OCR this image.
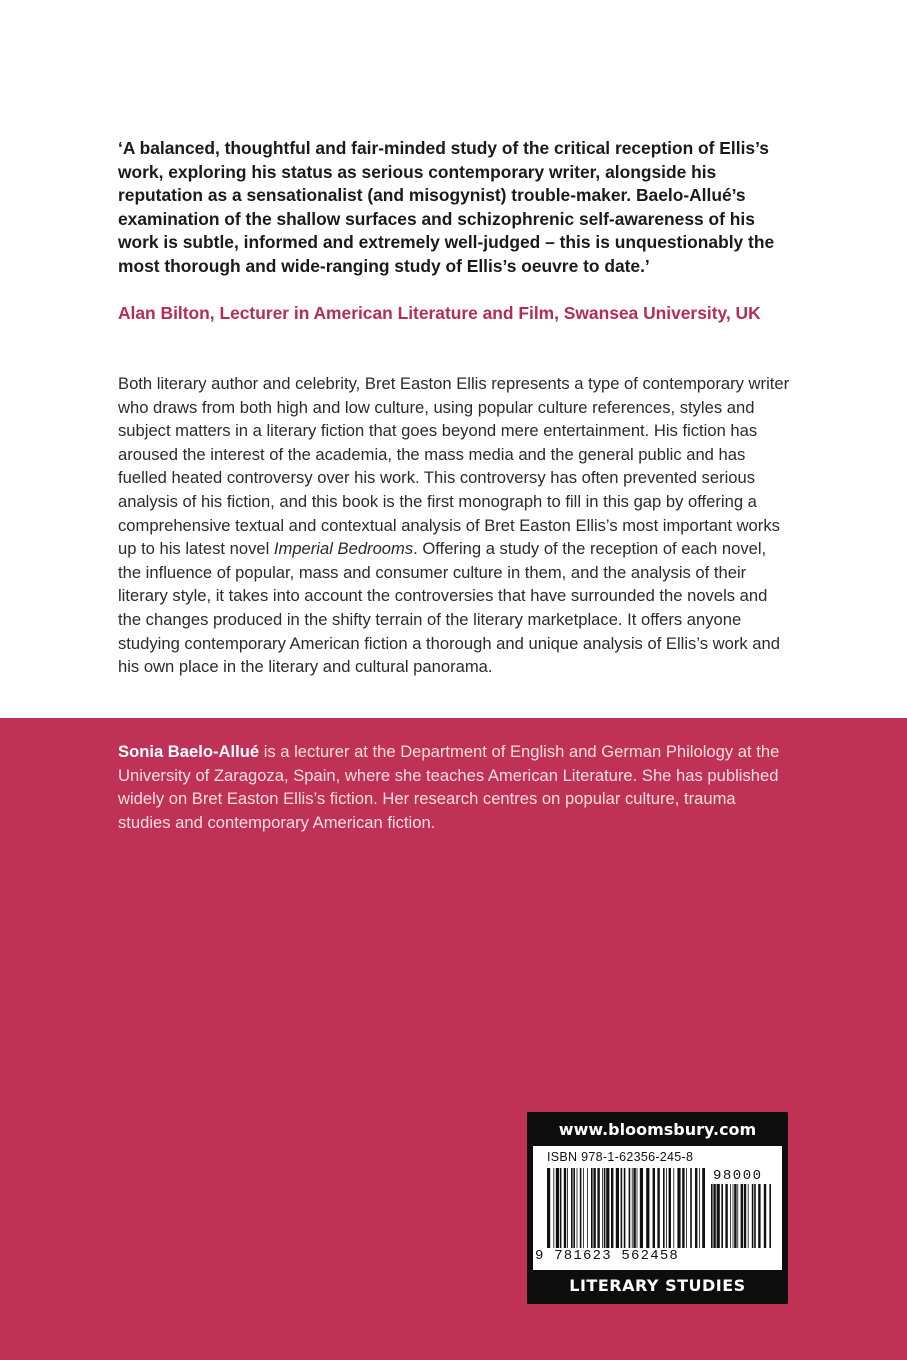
‘A balanced, thoughtful and fair-minded study of the critical reception of Ellis’s work, exploring his status as serious contemporary writer, alongside his reputation as a sensationalist (and misogynist) trouble-maker. Baelo-Allué’s examination of the shallow surfaces and schizophrenic self-awareness of his work is subtle, informed and extremely well-judged – this is unquestionably the most thorough and wide-ranging study of Ellis’s oeuvre to date.’

Alan Bilton, Lecturer in American Literature and Film, Swansea University, UK

Both literary author and celebrity, Bret Easton Ellis represents a type of contemporary writer who draws from both high and low culture, using popular culture references, styles and subject matters in a literary fiction that goes beyond mere entertainment. His fiction has aroused the interest of the academia, the mass media and the general public and has fuelled heated controversy over his work. This controversy has often prevented serious analysis of his fiction, and this book is the first monograph to fill in this gap by offering a comprehensive textual and contextual analysis of Bret Easton Ellis’s most important works up to his latest novel Imperial Bedrooms. Offering a study of the reception of each novel, the influence of popular, mass and consumer culture in them, and the analysis of their literary style, it takes into account the controversies that have surrounded the novels and the changes produced in the shifty terrain of the literary marketplace. It offers anyone studying contemporary American fiction a thorough and unique analysis of Ellis’s work and his own place in the literary and cultural panorama.

Sonia Baelo-Allué is a lecturer at the Department of English and German Philology at the University of Zaragoza, Spain, where she teaches American Literature. She has published widely on Bret Easton Ellis’s fiction. Her research centres on popular culture, trauma studies and contemporary American fiction.

www.bloomsbury.com
ISBN 978-1-62356-245-8
98000
9 781623 562458
LITERARY STUDIES
